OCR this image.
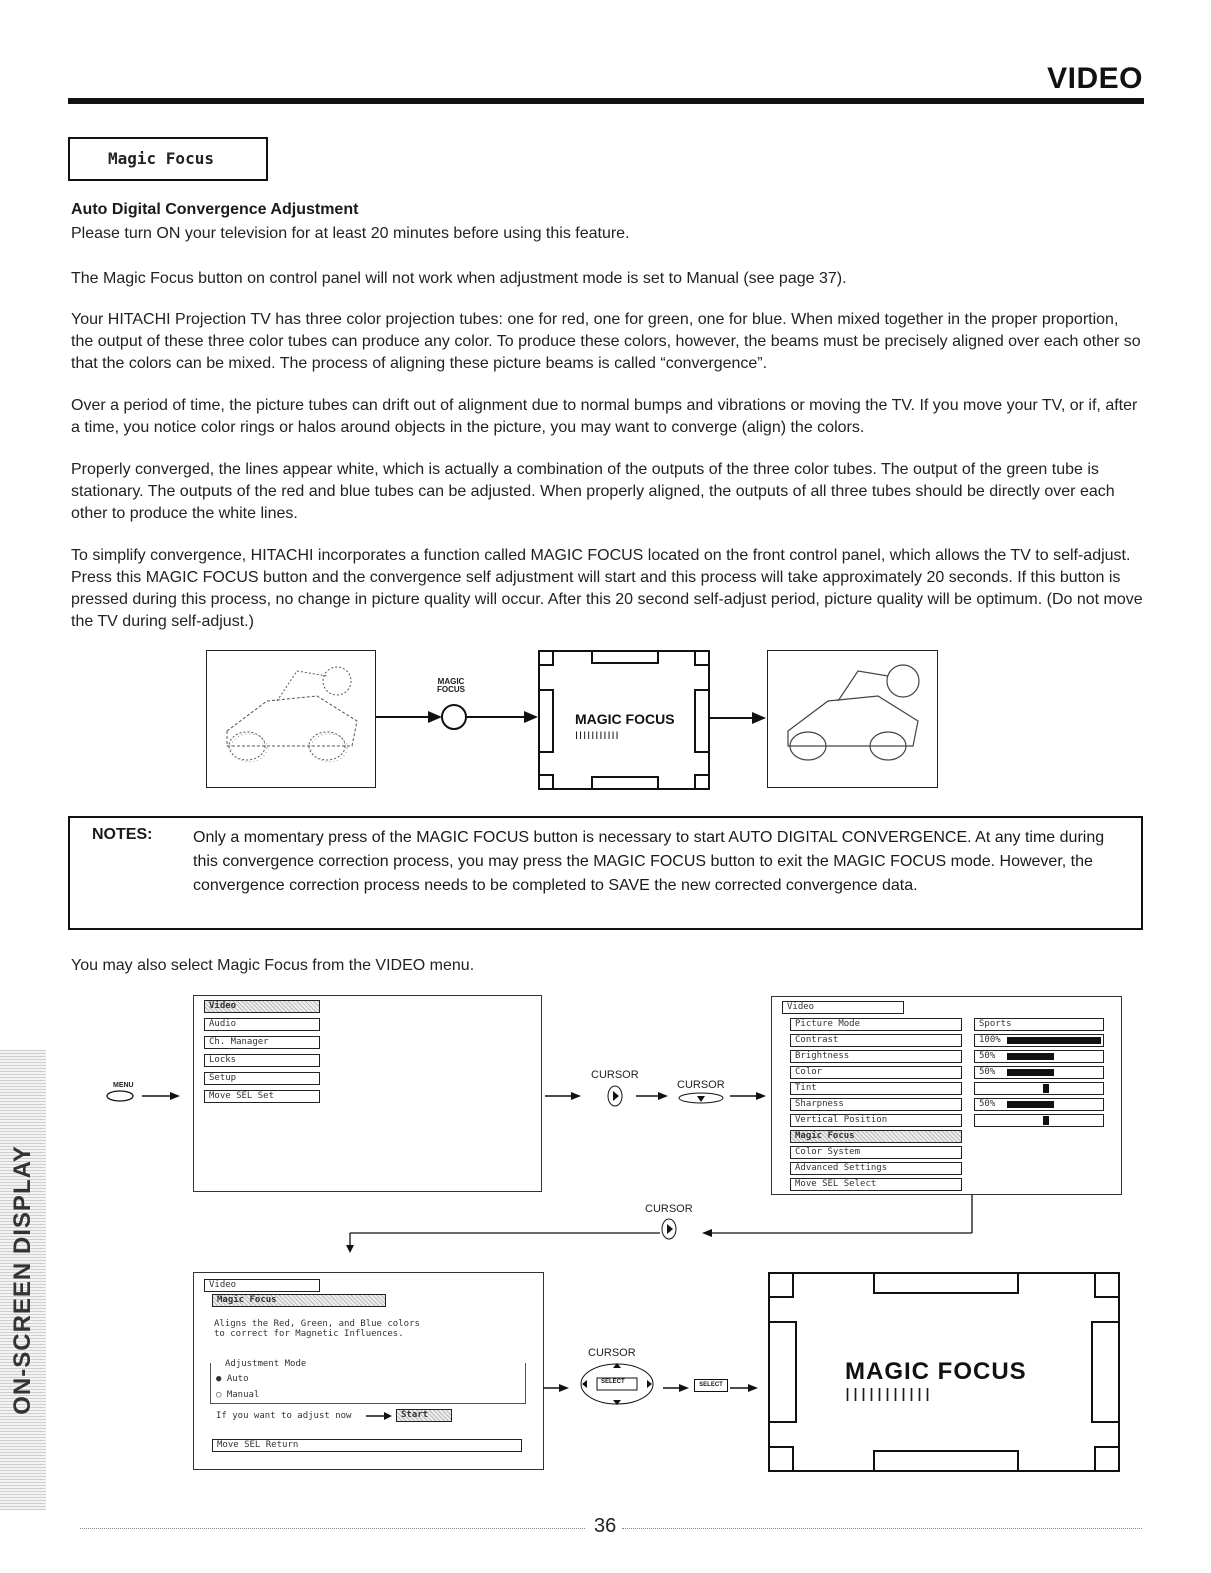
VIDEO
Magic Focus
Auto Digital Convergence Adjustment
Please turn ON your television for at least 20 minutes before using this feature.
The Magic Focus button on control panel will not work when adjustment mode is set to Manual (see page 37).
Your HITACHI Projection TV has three color projection tubes: one for red, one for green, one for blue. When mixed together in the proper proportion, the output of these three color tubes can produce any color. To produce these colors, however, the beams must be precisely aligned over each other so that the colors can be mixed. The process of aligning these picture beams is called “convergence”.
Over a period of time, the picture tubes can drift out of alignment due to normal bumps and vibrations or moving the TV. If you move your TV, or if, after a time, you notice color rings or halos around objects in the picture, you may want to converge (align) the colors.
Properly converged, the lines appear white, which is actually a combination of the outputs of the three color tubes. The output of the green tube is stationary. The outputs of the red and blue tubes can be adjusted. When properly aligned, the outputs of all three tubes should be directly over each other to produce the white lines.
To simplify convergence, HITACHI incorporates a function called MAGIC FOCUS located on the front control panel, which allows the TV to self-adjust. Press this MAGIC FOCUS button and the convergence self adjustment will start and this process will take approximately 20 seconds. If this button is pressed during this process, no change in picture quality will occur. After this 20 second self-adjust period, picture quality will be optimum. (Do not move the TV during self-adjust.)
MAGIC FOCUS
MAGIC FOCUS
IIIIIIIIIII
NOTES:	Only a momentary press of the MAGIC FOCUS button is necessary to start AUTO DIGITAL CONVERGENCE. At any time during this convergence correction process, you may press the MAGIC FOCUS button to exit the MAGIC FOCUS mode. However, the convergence correction process needs to be completed to SAVE the new corrected convergence data.
You may also select Magic Focus from the VIDEO menu.
MENU
Video
Audio
Ch. Manager
Locks
Setup
Move SEL Set
CURSOR
CURSOR
Video
Picture Mode
Contrast
Brightness
Color
Tint
Sharpness
Vertical Position
Magic Focus
Color System
Advanced Settings
Move SEL Select
Sports
100%
50%
50%
50%
CURSOR
Video
Magic Focus
Aligns the Red, Green, and Blue colors to correct for Magnetic Influences.
Adjustment Mode
● Auto
○ Manual
If you want to adjust now	Start
Move SEL Return
CURSOR
SELECT	SELECT	MAGIC FOCUS
IIIIIIIIIII
ON-SCREEN DISPLAY
36
